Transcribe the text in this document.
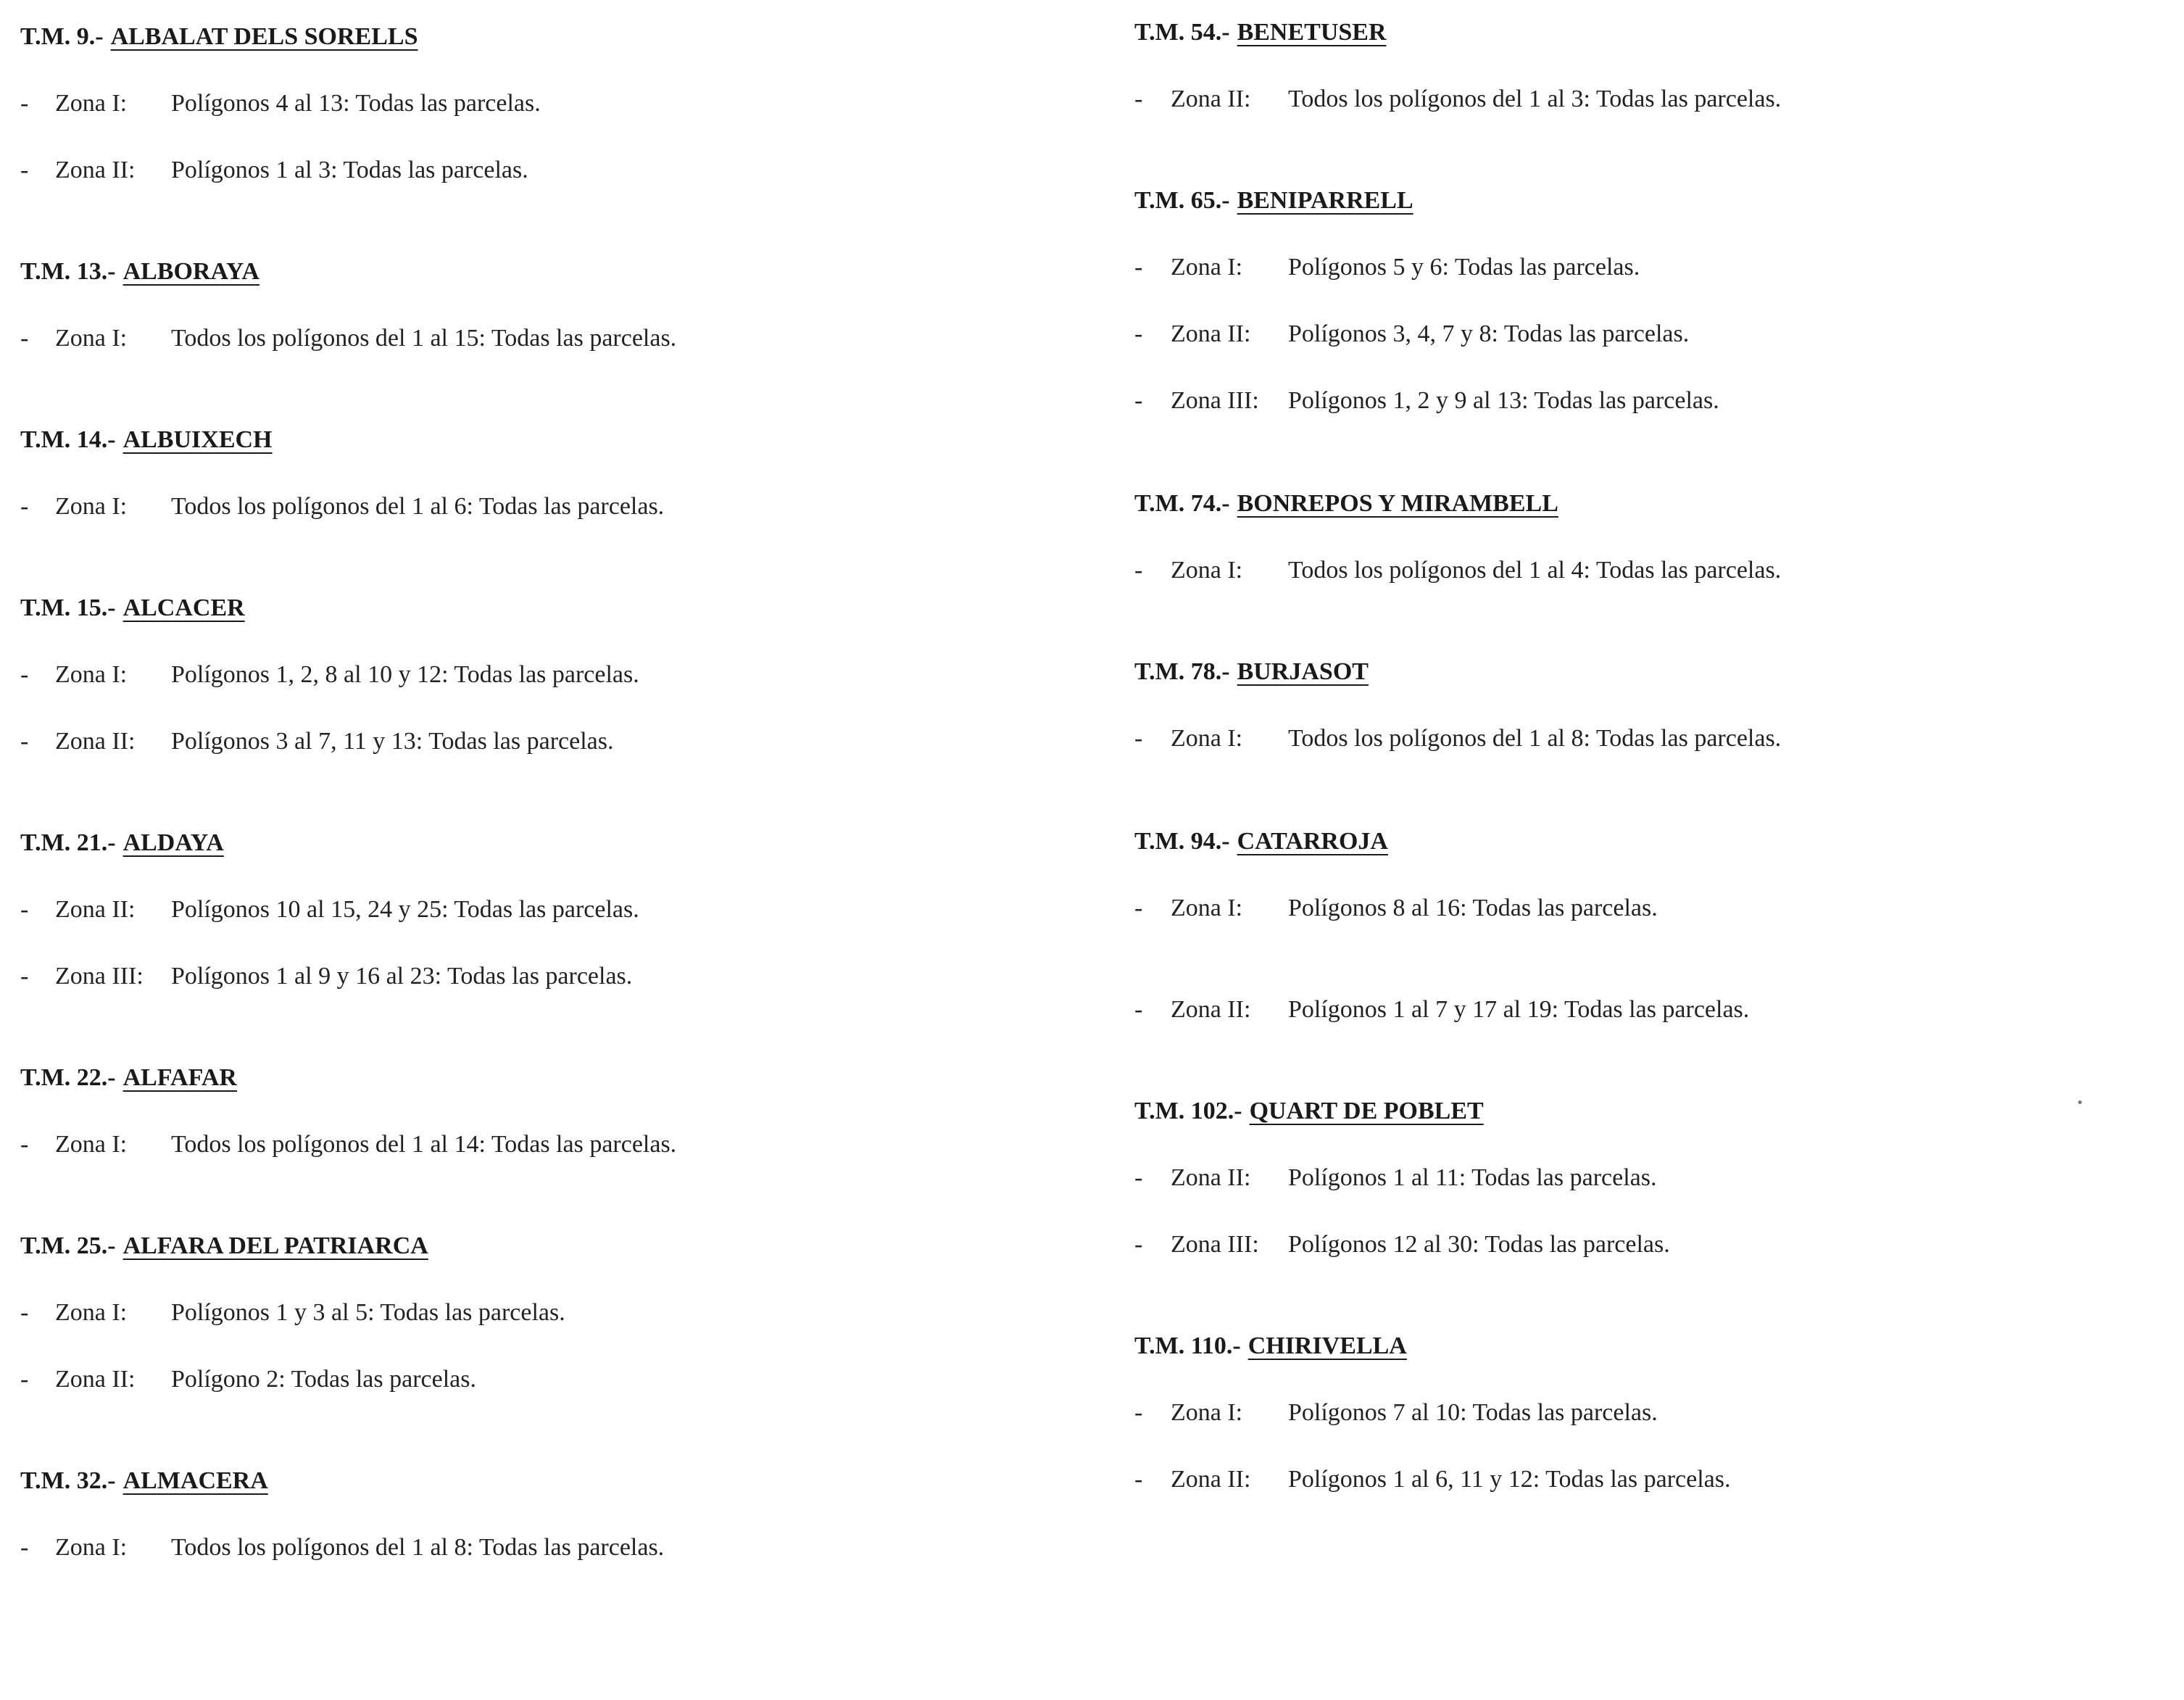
T.M. 9.- ALBALAT DELS SORELLS
- Zona I: Polígonos 4 al 13: Todas las parcelas.
- Zona II: Polígonos 1 al 3: Todas las parcelas.
T.M. 13.- ALBORAYA
- Zona I: Todos los polígonos del 1 al 15: Todas las parcelas.
T.M. 14.- ALBUIXECH
- Zona I: Todos los polígonos del 1 al 6: Todas las parcelas.
T.M. 15.- ALCACER
- Zona I: Polígonos 1, 2, 8 al 10 y 12: Todas las parcelas.
- Zona II: Polígonos 3 al 7, 11 y 13: Todas las parcelas.
T.M. 21.- ALDAYA
- Zona II: Polígonos 10 al 15, 24 y 25: Todas las parcelas.
- Zona III: Polígonos 1 al 9 y 16 al 23: Todas las parcelas.
T.M. 22.- ALFAFAR
- Zona I: Todos los polígonos del 1 al 14: Todas las parcelas.
T.M. 25.- ALFARA DEL PATRIARCA
- Zona I: Polígonos 1 y 3 al 5: Todas las parcelas.
- Zona II: Polígono 2: Todas las parcelas.
T.M. 32.- ALMACERA
- Zona I: Todos los polígonos del 1 al 8: Todas las parcelas.
T.M. 54.- BENETUSER
- Zona II: Todos los polígonos del 1 al 3: Todas las parcelas.
T.M. 65.- BENIPARRELL
- Zona I: Polígonos 5 y 6: Todas las parcelas.
- Zona II: Polígonos 3, 4, 7 y 8: Todas las parcelas.
- Zona III: Polígonos 1, 2 y 9 al 13: Todas las parcelas.
T.M. 74.- BONREPOS Y MIRAMBELL
- Zona I: Todos los polígonos del 1 al 4: Todas las parcelas.
T.M. 78.- BURJASOT
- Zona I: Todos los polígonos del 1 al 8: Todas las parcelas.
T.M. 94.- CATARROJA
- Zona I: Polígonos 8 al 16: Todas las parcelas.
- Zona II: Polígonos 1 al 7 y 17 al 19: Todas las parcelas.
T.M. 102.- QUART DE POBLET
- Zona II: Polígonos 1 al 11: Todas las parcelas.
- Zona III: Polígonos 12 al 30: Todas las parcelas.
T.M. 110.- CHIRIVELLA
- Zona I: Polígonos 7 al 10: Todas las parcelas.
- Zona II: Polígonos 1 al 6, 11 y 12: Todas las parcelas.
